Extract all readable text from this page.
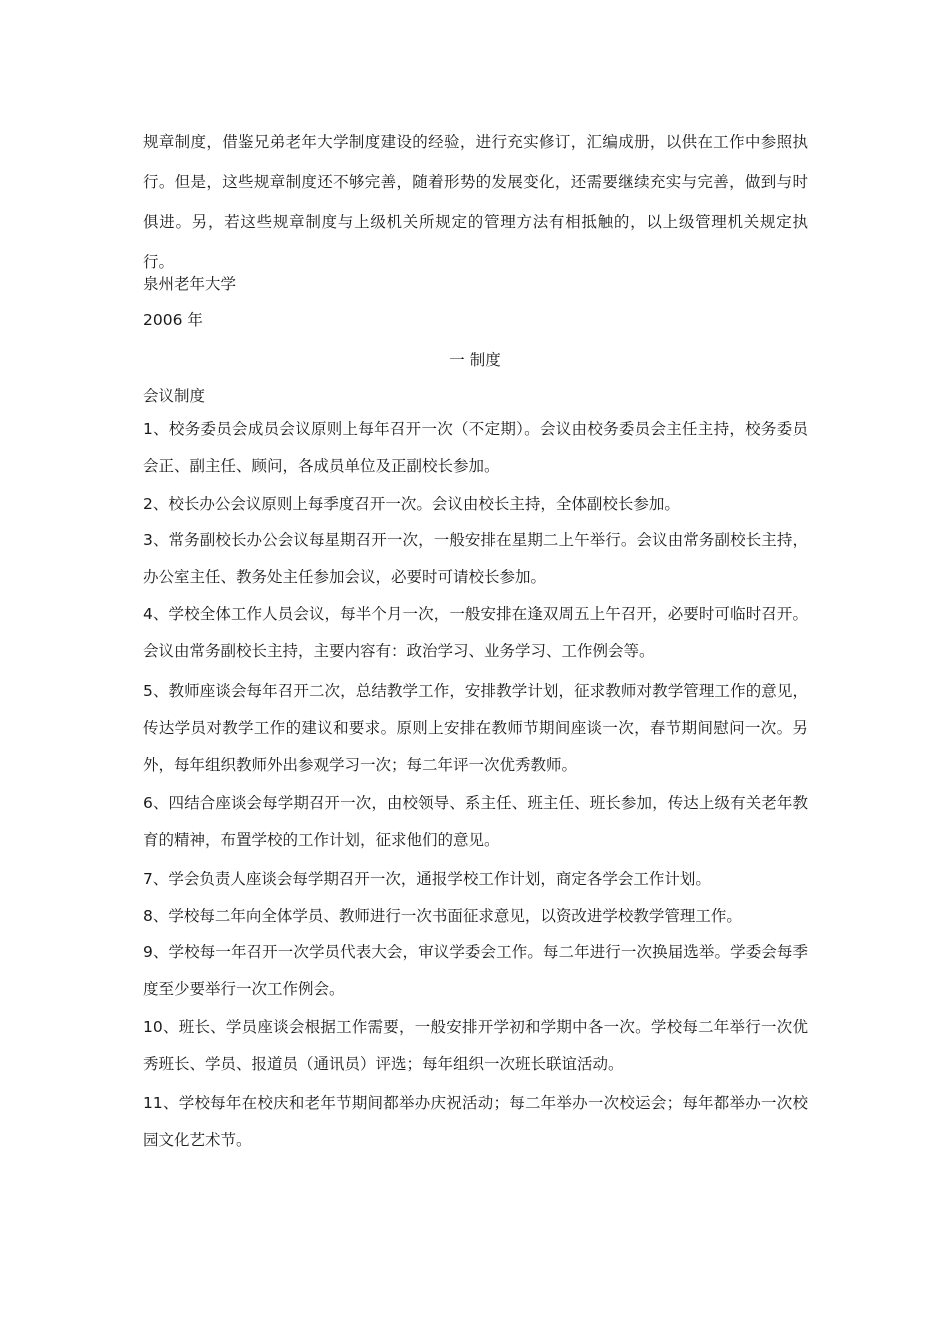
规章制度，借鉴兄弟老年大学制度建设的经验，进行充实修订，汇编成册，以供在工作中参照执行。但是，这些规章制度还不够完善，随着形势的发展变化，还需要继续充实与完善，做到与时俱进。另，若这些规章制度与上级机关所规定的管理方法有相抵触的，以上级管理机关规定执行。

泉州老年大学
2006 年
一 制度
会议制度

1、校务委员会成员会议原则上每年召开一次（不定期）。会议由校务委员会主任主持，校务委员会正、副主任、顾问，各成员单位及正副校长参加。

2、校长办公会议原则上每季度召开一次。会议由校长主持，全体副校长参加。

3、常务副校长办公会议每星期召开一次，一般安排在星期二上午举行。会议由常务副校长主持，办公室主任、教务处主任参加会议，必要时可请校长参加。

4、学校全体工作人员会议，每半个月一次，一般安排在逢双周五上午召开，必要时可临时召开。会议由常务副校长主持，主要内容有：政治学习、业务学习、工作例会等。

5、教师座谈会每年召开二次，总结教学工作，安排教学计划，征求教师对教学管理工作的意见，传达学员对教学工作的建议和要求。原则上安排在教师节期间座谈一次，春节期间慰问一次。另外，每年组织教师外出参观学习一次；每二年评一次优秀教师。

6、四结合座谈会每学期召开一次，由校领导、系主任、班主任、班长参加，传达上级有关老年教育的精神，布置学校的工作计划，征求他们的意见。

7、学会负责人座谈会每学期召开一次，通报学校工作计划，商定各学会工作计划。

8、学校每二年向全体学员、教师进行一次书面征求意见，以资改进学校教学管理工作。

9、学校每一年召开一次学员代表大会，审议学委会工作。每二年进行一次换届选举。学委会每季度至少要举行一次工作例会。

10、班长、学员座谈会根据工作需要，一般安排开学初和学期中各一次。学校每二年举行一次优秀班长、学员、报道员（通讯员）评选；每年组织一次班长联谊活动。

11、学校每年在校庆和老年节期间都举办庆祝活动；每二年举办一次校运会；每年都举办一次校园文化艺术节。
